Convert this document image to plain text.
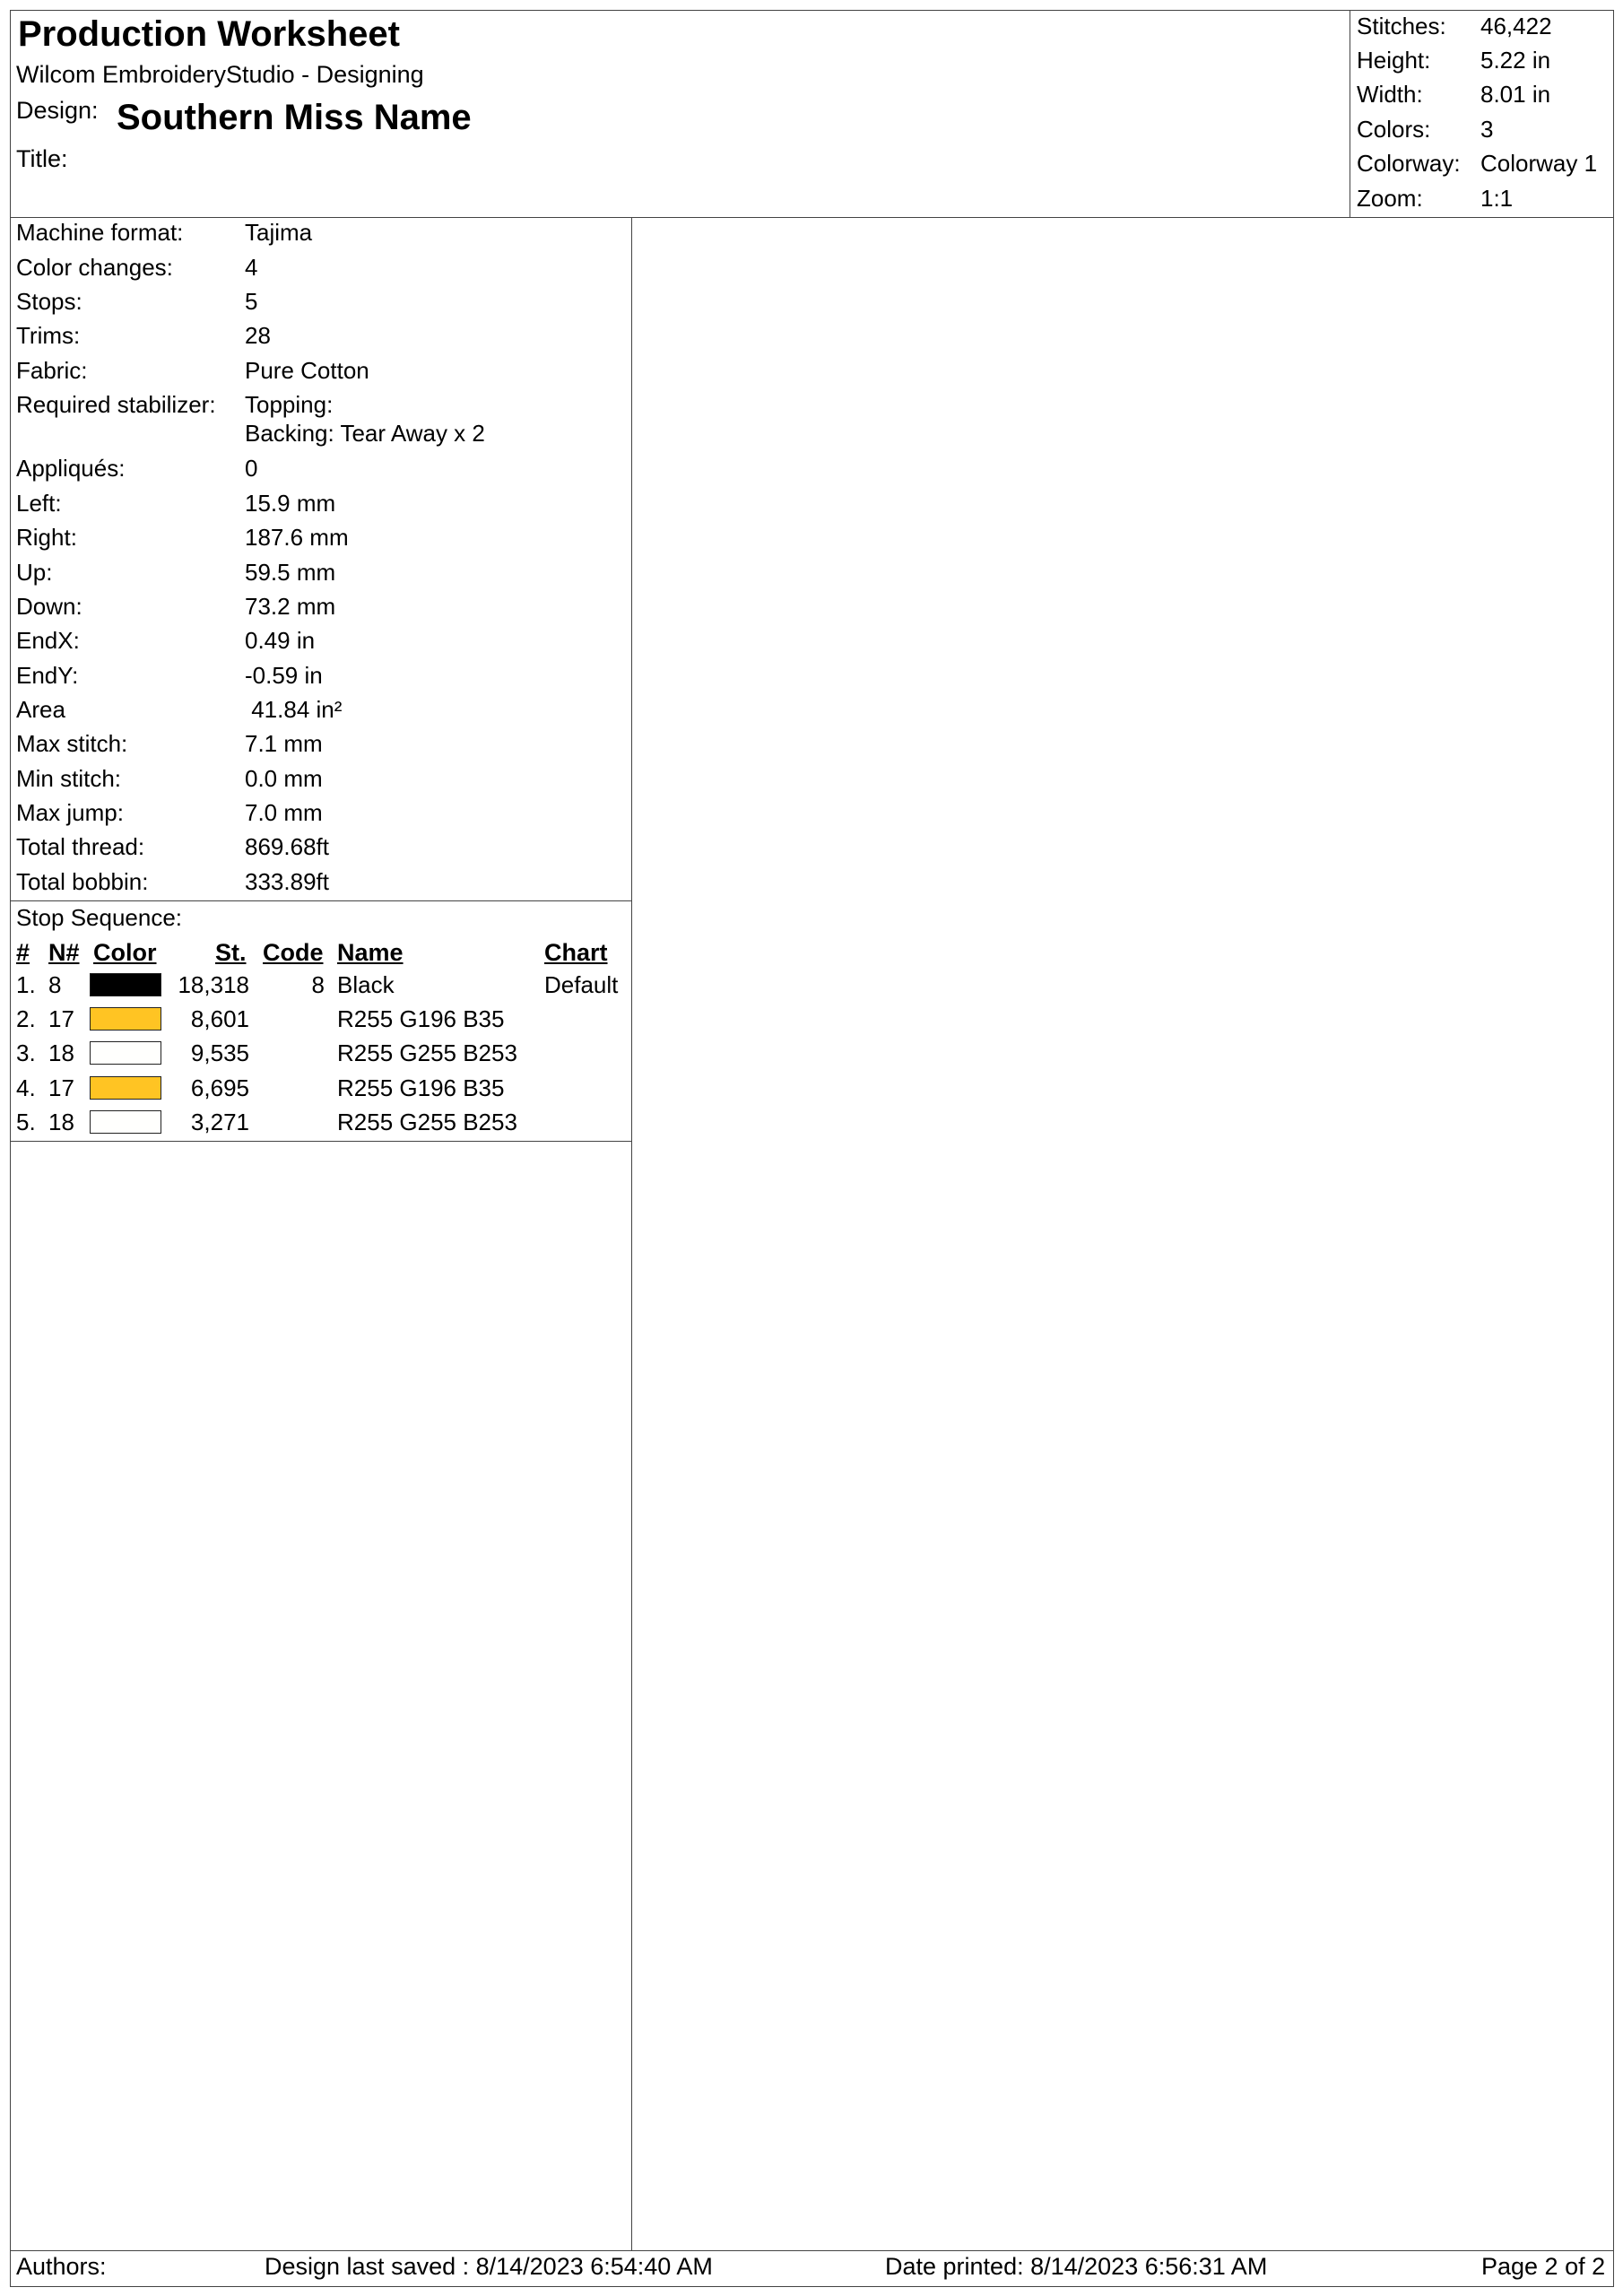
Production Worksheet
Wilcom EmbroideryStudio - Designing
Design: Southern Miss Name
Title:
Stitches: 46,422
Height: 5.22 in
Width: 8.01 in
Colors: 3
Colorway: Colorway 1
Zoom: 1:1
Machine format:	Tajima
Color changes:	4
Stops:	5
Trims:	28
Fabric:	Pure Cotton
Required stabilizer: Topping:
Backing: Tear Away x 2
Appliqués:	0
Left:	15.9 mm
Right:	187.6 mm
Up:	59.5 mm
Down:	73.2 mm
EndX:	0.49 in
EndY:	-0.59 in
Area	41.84 in²
Max stitch:	7.1 mm
Min stitch:	0.0 mm
Max jump:	7.0 mm
Total thread:	869.68ft
Total bobbin:	333.89ft
Stop Sequence:
# N# Color St. Code Name	Chart
1. 8	18,318	8 Black	Default
2. 17	8,601	R255 G196 B35
3. 18	9,535	R255 G255 B253
4. 17	6,695	R255 G196 B35
5. 18	3,271	R255 G255 B253
Authors:	Design last saved : 8/14/2023 6:54:40 AM	Date printed: 8/14/2023 6:56:31 AM	Page 2 of 2
